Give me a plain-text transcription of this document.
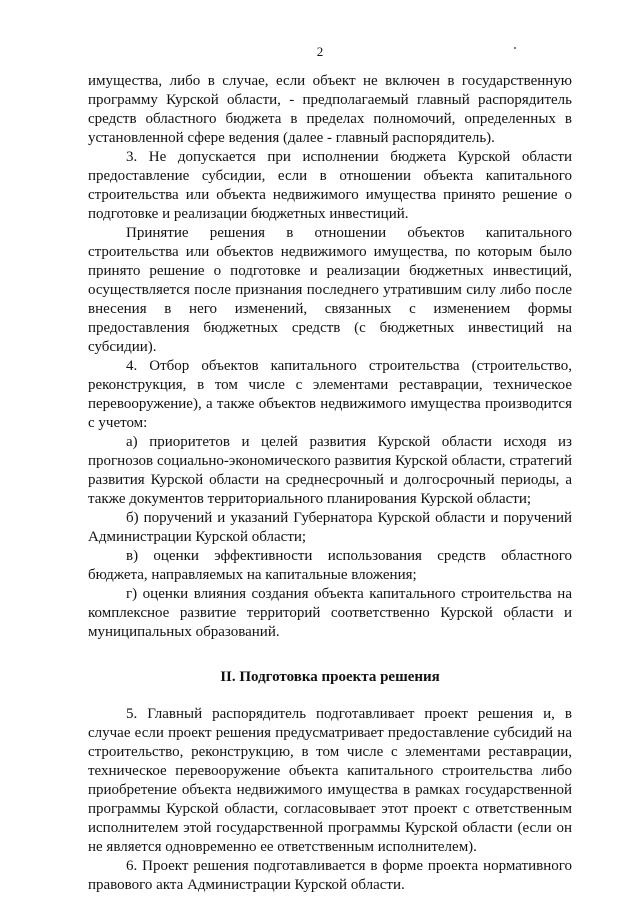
2

имущества, либо в случае, если объект не включен в государственную программу Курской области, - предполагаемый главный распорядитель средств областного бюджета в пределах полномочий, определенных в установленной сфере ведения (далее - главный распорядитель).

3. Не допускается при исполнении бюджета Курской области предоставление субсидии, если в отношении объекта капитального строительства или объекта недвижимого имущества принято решение о подготовке и реализации бюджетных инвестиций.

Принятие решения в отношении объектов капитального строительства или объектов недвижимого имущества, по которым было принято решение о подготовке и реализации бюджетных инвестиций, осуществляется после признания последнего утратившим силу либо после внесения в него изменений, связанных с изменением формы предоставления бюджетных средств (с бюджетных инвестиций на субсидии).

4. Отбор объектов капитального строительства (строительство, реконструкция, в том числе с элементами реставрации, техническое перевооружение), а также объектов недвижимого имущества производится с учетом:

а) приоритетов и целей развития Курской области исходя из прогнозов социально-экономического развития Курской области, стратегий развития Курской области на среднесрочный и долгосрочный периоды, а также документов территориального планирования Курской области;

б) поручений и указаний Губернатора Курской области и поручений Администрации Курской области;

в) оценки эффективности использования средств областного бюджета, направляемых на капитальные вложения;

г) оценки влияния создания объекта капитального строительства на комплексное развитие территорий соответственно Курской области и муниципальных образований.

II. Подготовка проекта решения

5. Главный распорядитель подготавливает проект решения и, в случае если проект решения предусматривает предоставление субсидий на строительство, реконструкцию, в том числе с элементами реставрации, техническое перевооружение объекта капитального строительства либо приобретение объекта недвижимого имущества в рамках государственной программы Курской области, согласовывает этот проект с ответственным исполнителем этой государственной программы Курской области (если он не является одновременно ее ответственным исполнителем).

6. Проект решения подготавливается в форме проекта нормативного правового акта Администрации Курской области.
